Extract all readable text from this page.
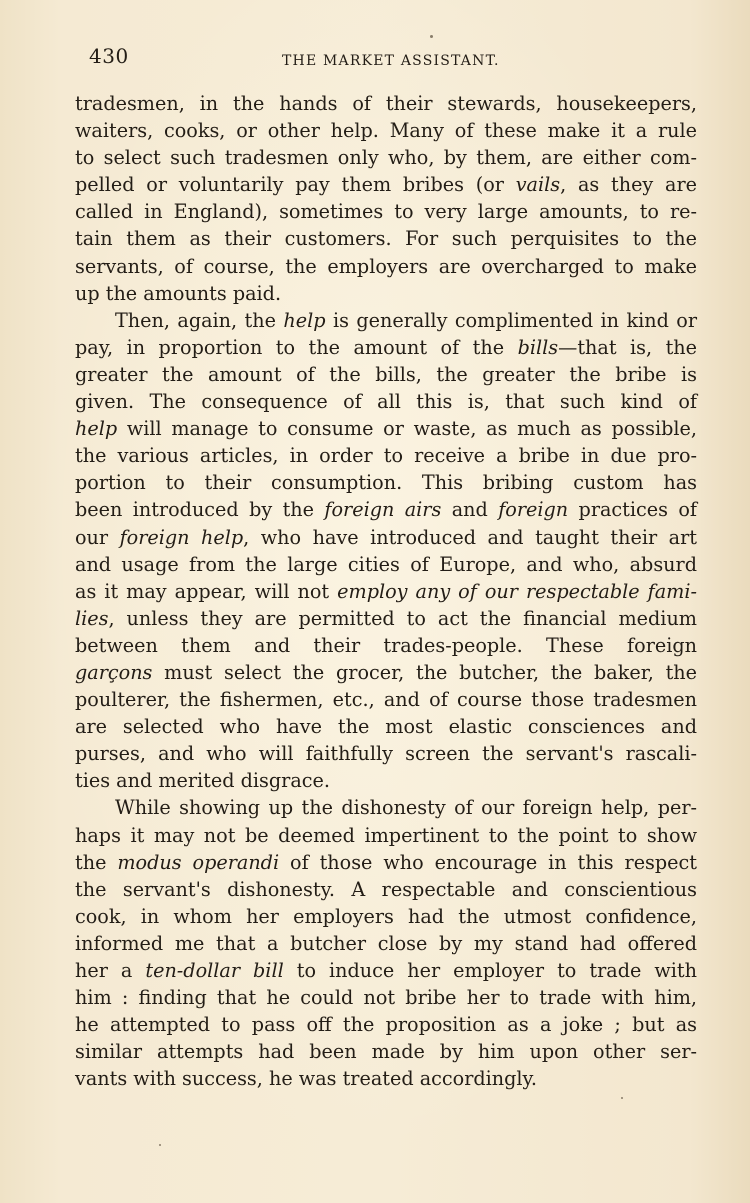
430	THE MARKET ASSISTANT.
tradesmen, in the hands of their stewards, housekeepers,
waiters, cooks, or other help. Many of these make it a rule
to select such tradesmen only who, by them, are either com-
pelled or voluntarily pay them bribes (or vails, as they are
called in England), sometimes to very large amounts, to re-
tain them as their customers. For such perquisites to the
servants, of course, the employers are overcharged to make
up the amounts paid.
Then, again, the help is generally complimented in kind or
pay, in proportion to the amount of the bills—that is, the
greater the amount of the bills, the greater the bribe is
given. The consequence of all this is, that such kind of
help will manage to consume or waste, as much as possible,
the various articles, in order to receive a bribe in due pro-
portion to their consumption. This bribing custom has
been introduced by the foreign airs and foreign practices of
our foreign help, who have introduced and taught their art
and usage from the large cities of Europe, and who, absurd
as it may appear, will not employ any of our respectable fami-
lies, unless they are permitted to act the financial medium
between them and their trades-people. These foreign
garçons must select the grocer, the butcher, the baker, the
poulterer, the fishermen, etc., and of course those tradesmen
are selected who have the most elastic consciences and
purses, and who will faithfully screen the servant's rascali-
ties and merited disgrace.
While showing up the dishonesty of our foreign help, per-
haps it may not be deemed impertinent to the point to show
the modus operandi of those who encourage in this respect
the servant's dishonesty. A respectable and conscientious
cook, in whom her employers had the utmost confidence,
informed me that a butcher close by my stand had offered
her a ten-dollar bill to induce her employer to trade with
him : finding that he could not bribe her to trade with him,
he attempted to pass off the proposition as a joke ; but as
similar attempts had been made by him upon other ser-
vants with success, he was treated accordingly.
